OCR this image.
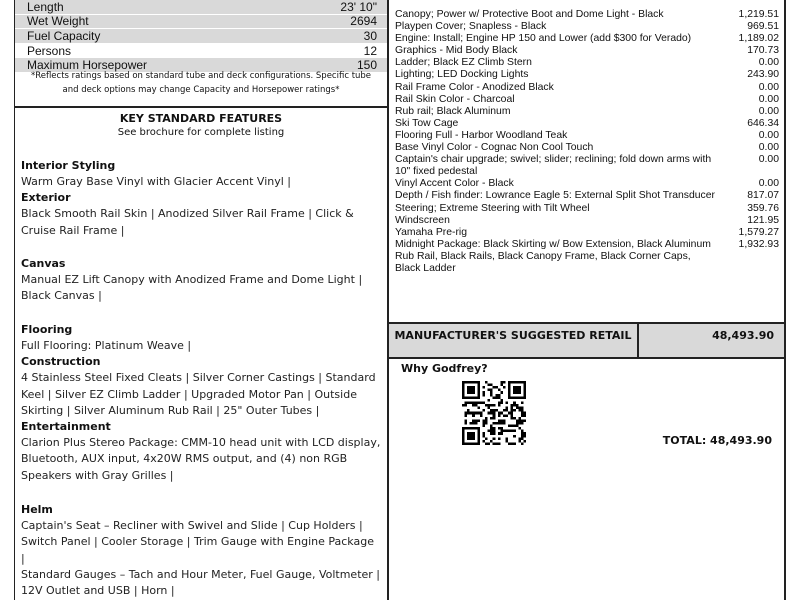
Length	23' 10"
Wet Weight	2694
Fuel Capacity	30
Persons	12
Maximum Horsepower	150
*Reflects ratings based on standard tube and deck configurations. Specific tube
and deck options may change Capacity and Horsepower ratings*
KEY STANDARD FEATURES
See brochure for complete listing
Interior Styling
Warm Gray Base Vinyl with Glacier Accent Vinyl |
Exterior
Black Smooth Rail Skin | Anodized Silver Rail Frame | Click &
Cruise Rail Frame |
Canvas
Manual EZ Lift Canopy with Anodized Frame and Dome Light |
Black Canvas |
Flooring
Full Flooring: Platinum Weave |
Construction
4 Stainless Steel Fixed Cleats | Silver Corner Castings | Standard
Keel | Silver EZ Climb Ladder | Upgraded Motor Pan | Outside
Skirting | Silver Aluminum Rub Rail | 25" Outer Tubes |
Entertainment
Clarion Plus Stereo Package: CMM-10 head unit with LCD display,
Bluetooth, AUX input, 4x20W RMS output, and (4) non RGB
Speakers with Gray Grilles |
Helm
Captain's Seat – Recliner with Swivel and Slide | Cup Holders |
Switch Panel | Cooler Storage | Trim Gauge with Engine Package |
Standard Gauges – Tach and Hour Meter, Fuel Gauge, Voltmeter |
12V Outlet and USB | Horn |
Canopy; Power w/ Protective Boot and Dome Light - Black	1,219.51
Playpen Cover; Snapless - Black	969.51
Engine: Install; Engine HP 150 and Lower (add $300 for Verado)	1,189.02
Graphics - Mid Body Black	170.73
Ladder; Black EZ Climb Stern	0.00
Lighting; LED Docking Lights	243.90
Rail Frame Color - Anodized Black	0.00
Rail Skin Color - Charcoal	0.00
Rub rail; Black Aluminum	0.00
Ski Tow Cage	646.34
Flooring Full - Harbor Woodland Teak	0.00
Base Vinyl Color - Cognac Non Cool Touch	0.00
Captain's chair upgrade; swivel; slider; reclining; fold down arms with 10" fixed pedestal
0.00
Vinyl Accent Color - Black	0.00
Depth / Fish finder: Lowrance Eagle 5: External Split Shot Transducer	817.07
Steering; Extreme Steering with Tilt Wheel	359.76
Windscreen	121.95
Yamaha Pre-rig	1,579.27
Midnight Package: Black Skirting w/ Bow Extension, Black Aluminum Rub Rail, Black Rails, Black Canopy Frame, Black Corner Caps, Black Ladder
1,932.93
MANUFACTURER'S SUGGESTED RETAIL	48,493.90
Why Godfrey?
TOTAL: 48,493.90
